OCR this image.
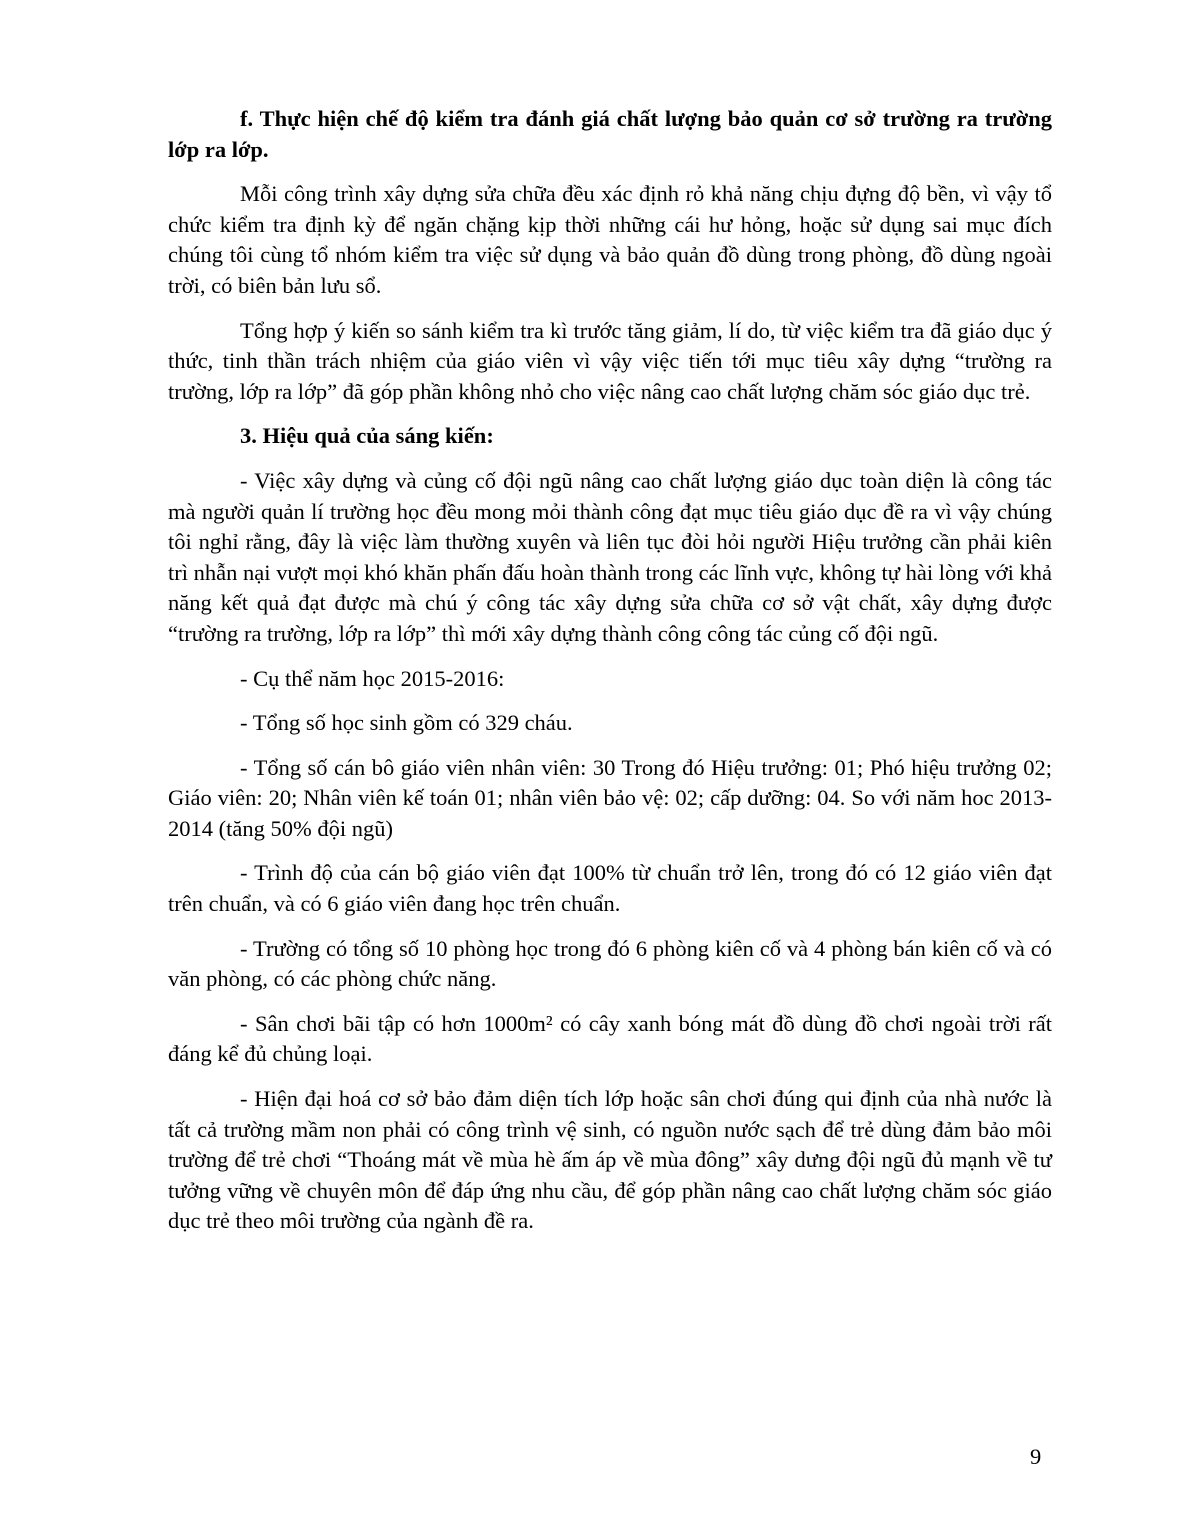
f. Thực hiện chế độ kiểm tra đánh giá chất lượng bảo quản cơ sở trường ra trường lớp ra lớp.

Mỗi công trình xây dựng sửa chữa đều xác định rỏ khả năng chịu đựng độ bền, vì vậy tổ chức kiểm tra định kỳ để ngăn chặng kịp thời những cái hư hỏng, hoặc sử dụng sai mục đích chúng tôi cùng tổ nhóm kiểm tra việc sử dụng và bảo quản đồ dùng trong phòng, đồ dùng ngoài trời, có biên bản lưu sổ.

Tổng hợp ý kiến so sánh kiểm tra kì trước tăng giảm, lí do, từ việc kiểm tra đã giáo dục ý thức, tinh thần trách nhiệm của giáo viên vì vậy việc tiến tới mục tiêu xây dựng “trường ra trường, lớp ra lớp” đã góp phần không nhỏ cho việc nâng cao chất lượng chăm sóc giáo dục trẻ.

3. Hiệu quả của sáng kiến:

- Việc xây dựng và củng cố đội ngũ nâng cao chất lượng giáo dục toàn diện là công tác mà người quản lí trường học đều mong mỏi thành công đạt mục tiêu giáo dục đề ra vì vậy chúng tôi nghỉ rằng, đây là việc làm thường xuyên và liên tục đòi hỏi người Hiệu trưởng cần phải kiên trì nhẫn nại vượt mọi khó khăn phấn đấu hoàn thành trong các lĩnh vực, không tự hài lòng với khả năng kết quả đạt được mà chú ý công tác xây dựng sửa chữa cơ sở vật chất, xây dựng được “trường ra trường, lớp ra lớp” thì mới xây dựng thành công công tác củng cố đội ngũ.

- Cụ thể năm học 2015-2016:

- Tổng số học sinh gồm có 329 cháu.

- Tổng số cán bô giáo viên nhân viên: 30 Trong đó Hiệu trưởng: 01; Phó hiệu trưởng 02; Giáo viên: 20; Nhân viên kế toán 01; nhân viên bảo vệ: 02; cấp dưỡng: 04. So với năm hoc 2013-2014 (tăng 50% đội ngũ)

- Trình độ của cán bộ giáo viên đạt 100% từ chuẩn trở lên, trong đó có 12 giáo viên đạt trên chuẩn, và có 6 giáo viên đang học trên chuẩn.

- Trường có tổng số 10 phòng học trong đó 6 phòng kiên cố và 4 phòng bán kiên cố và có văn phòng, có các phòng chức năng.

- Sân chơi bãi tập có hơn 1000m² có cây xanh bóng mát đồ dùng đồ chơi ngoài trời rất đáng kể đủ chủng loại.

- Hiện đại hoá cơ sở bảo đảm diện tích lớp hoặc sân chơi đúng qui định của nhà nước là tất cả trường mầm non phải có công trình vệ sinh, có nguồn nước sạch để trẻ dùng đảm bảo môi trường để trẻ chơi “Thoáng mát về mùa hè ấm áp về mùa đông” xây dưng đội ngũ đủ mạnh về tư tưởng vững về chuyên môn để đáp ứng nhu cầu, để góp phần nâng cao chất lượng chăm sóc giáo dục trẻ theo môi trường của ngành đề ra.

9
